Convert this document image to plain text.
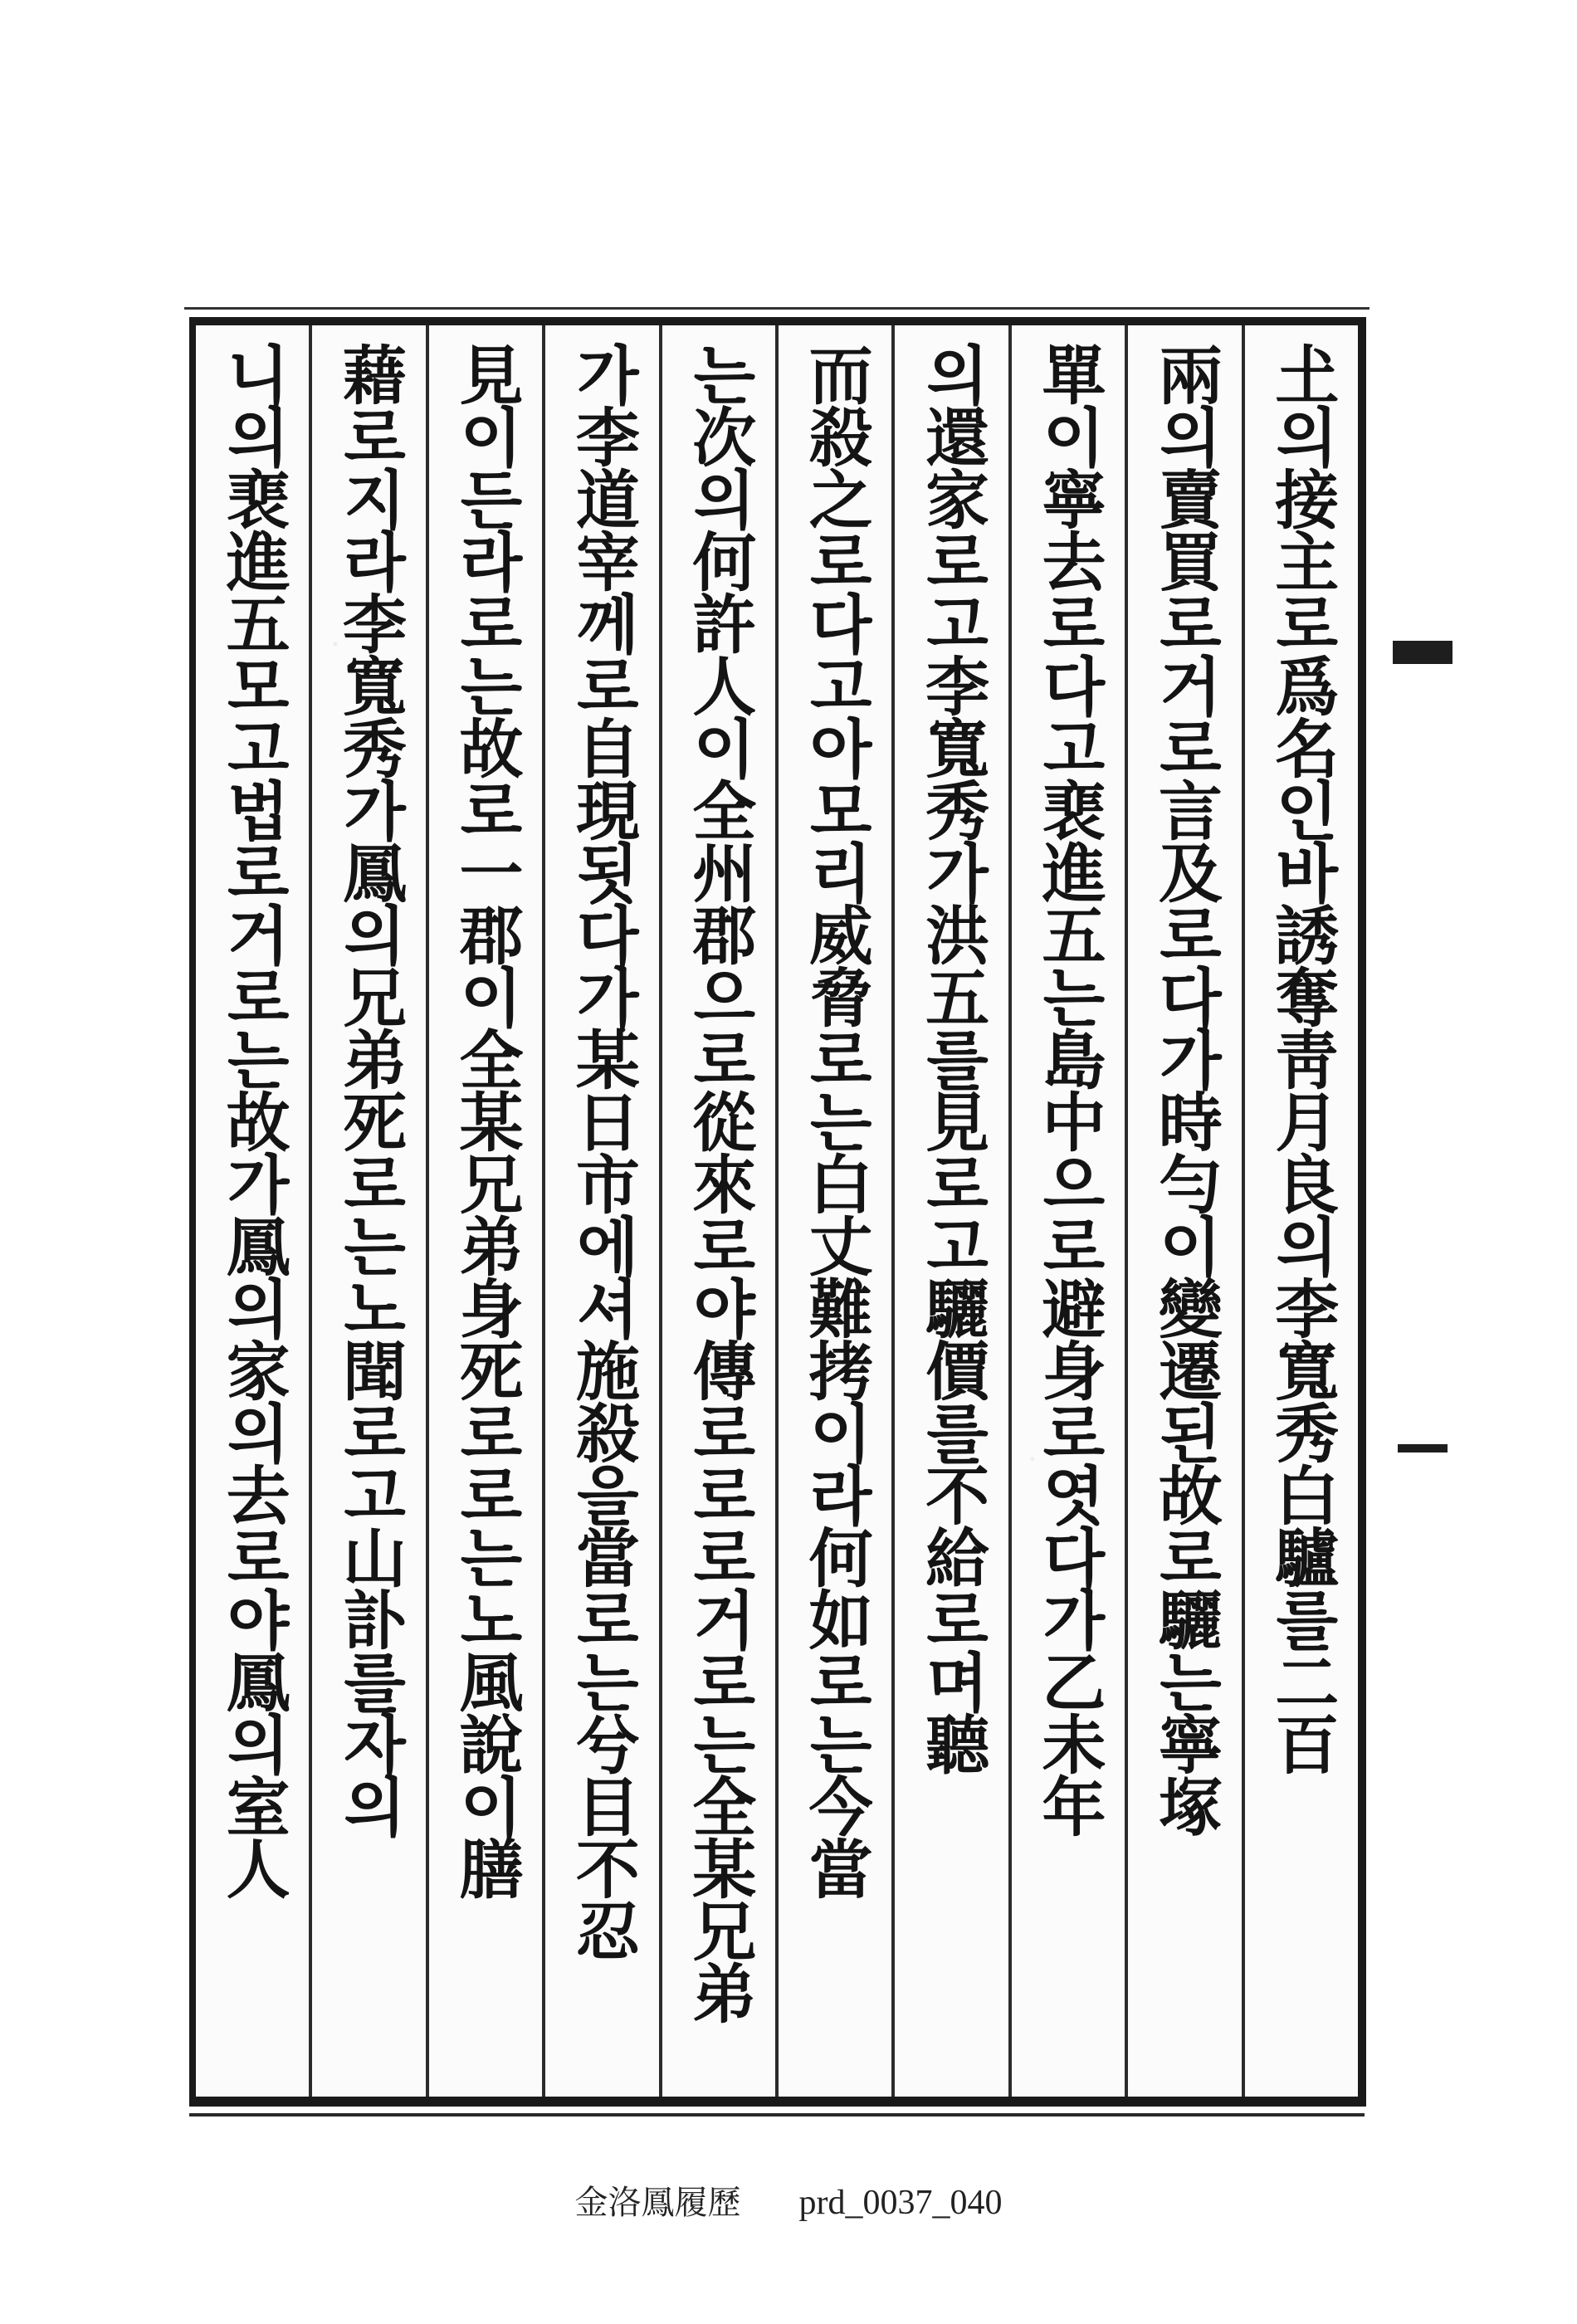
𡈽의接主로爲名인바誘奪靑月良의李寬秀白驢를二百
兩의賣買로거로言及로다가時勻이變遷된故로驪는寧塚
單이寧去로다고裵進五는島中으로避身로엿다가乙未年
의還家로고李寬秀가洪五를見로고驪價를不給로며聽
而殺之로다고아모리威脅로는白丈難拷이라何如로는今當
는次의何許人이全州郡으로從來로야傳로로로거로는全某兄弟
가李道宰께로自現됫다가某日市에셔施殺을當로는兮目不忍
見이든라로는故로一郡이全某兄弟身死로로는노風說이膳
藉로지라李寬秀가鳳의兄弟死로는노聞로고山訃를자의
니의裵進五모고법로거로는故가鳳의家의去로야鳳의室人
金洛鳳履歷 prd_0037_040
